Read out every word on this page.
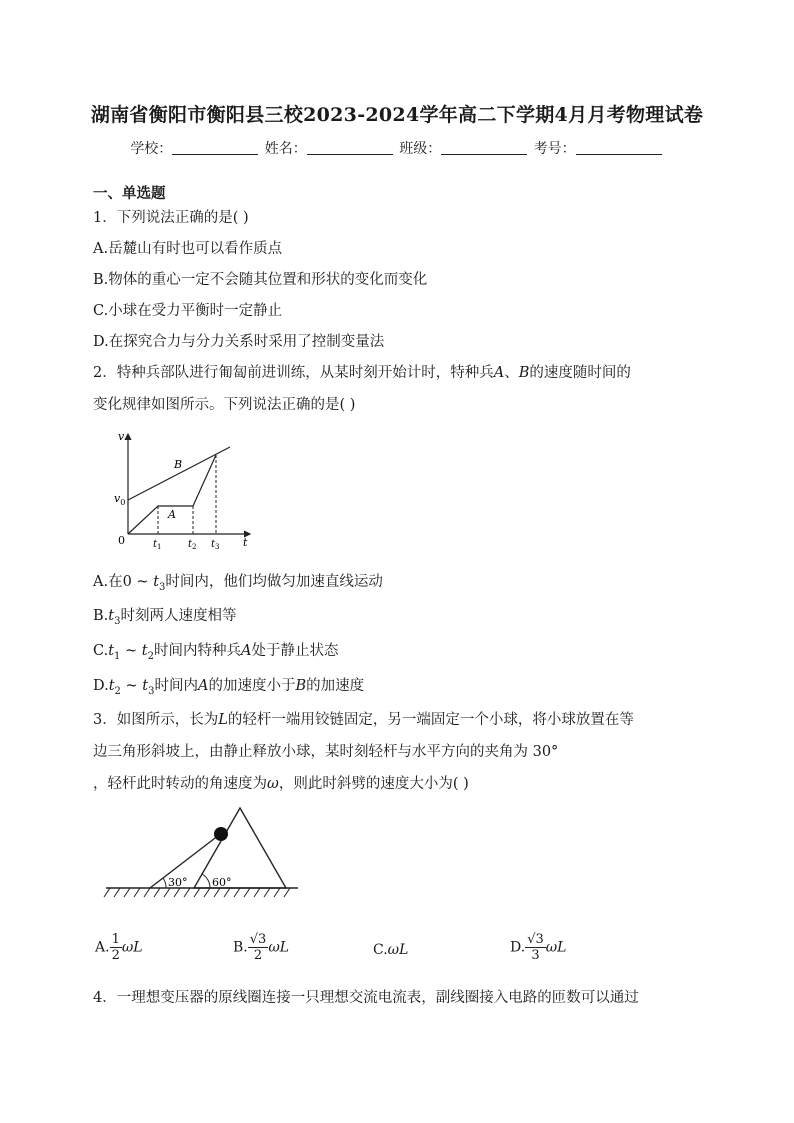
湖南省衡阳市衡阳县三校2023-2024学年高二下学期4月月考物理试卷
学校：	姓名：	班级：	考号：
一、单选题
1．下列说法正确的是( )
A.岳麓山有时也可以看作质点
B.物体的重心一定不会随其位置和形状的变化而变化
C.小球在受力平衡时一定静止
D.在探究合力与分力关系时采用了控制变量法
2．特种兵部队进行匍匐前进训练，从某时刻开始计时，特种兵A、B的速度随时间的
变化规律如图所示。下列说法正确的是( )
v
t
0
$v_0$
B
A
$t_1$	$t_2$ $t_3$
A.在0 ~ $t_3$时间内，他们均做匀加速直线运动
$B.t_3$时刻两人速度相等
$C.t_1$ ~ $t_2$时间内特种兵A处于静止状态
$D.t_2$ ~ $t_3$时间内A的加速度小于B的加速度
3．如图所示，长为L的轻杆一端用铰链固定，另一端固定一个小球，将小球放置在等
边三角形斜坡上，由静止释放小球，某时刻轻杆与水平方向的夹角为 30°
，轻杆此时转动的角速度为ω，则此时斜劈的速度大小为( )
30° 60°
A. $\frac{1}{2}$ ωL	B. $\frac{√3}{2}$ ωL	C.ωL	D. $\frac{√3}{3}$ ωL
4．一理想变压器的原线圈连接一只理想交流电流表，副线圈接入电路的匝数可以通过
